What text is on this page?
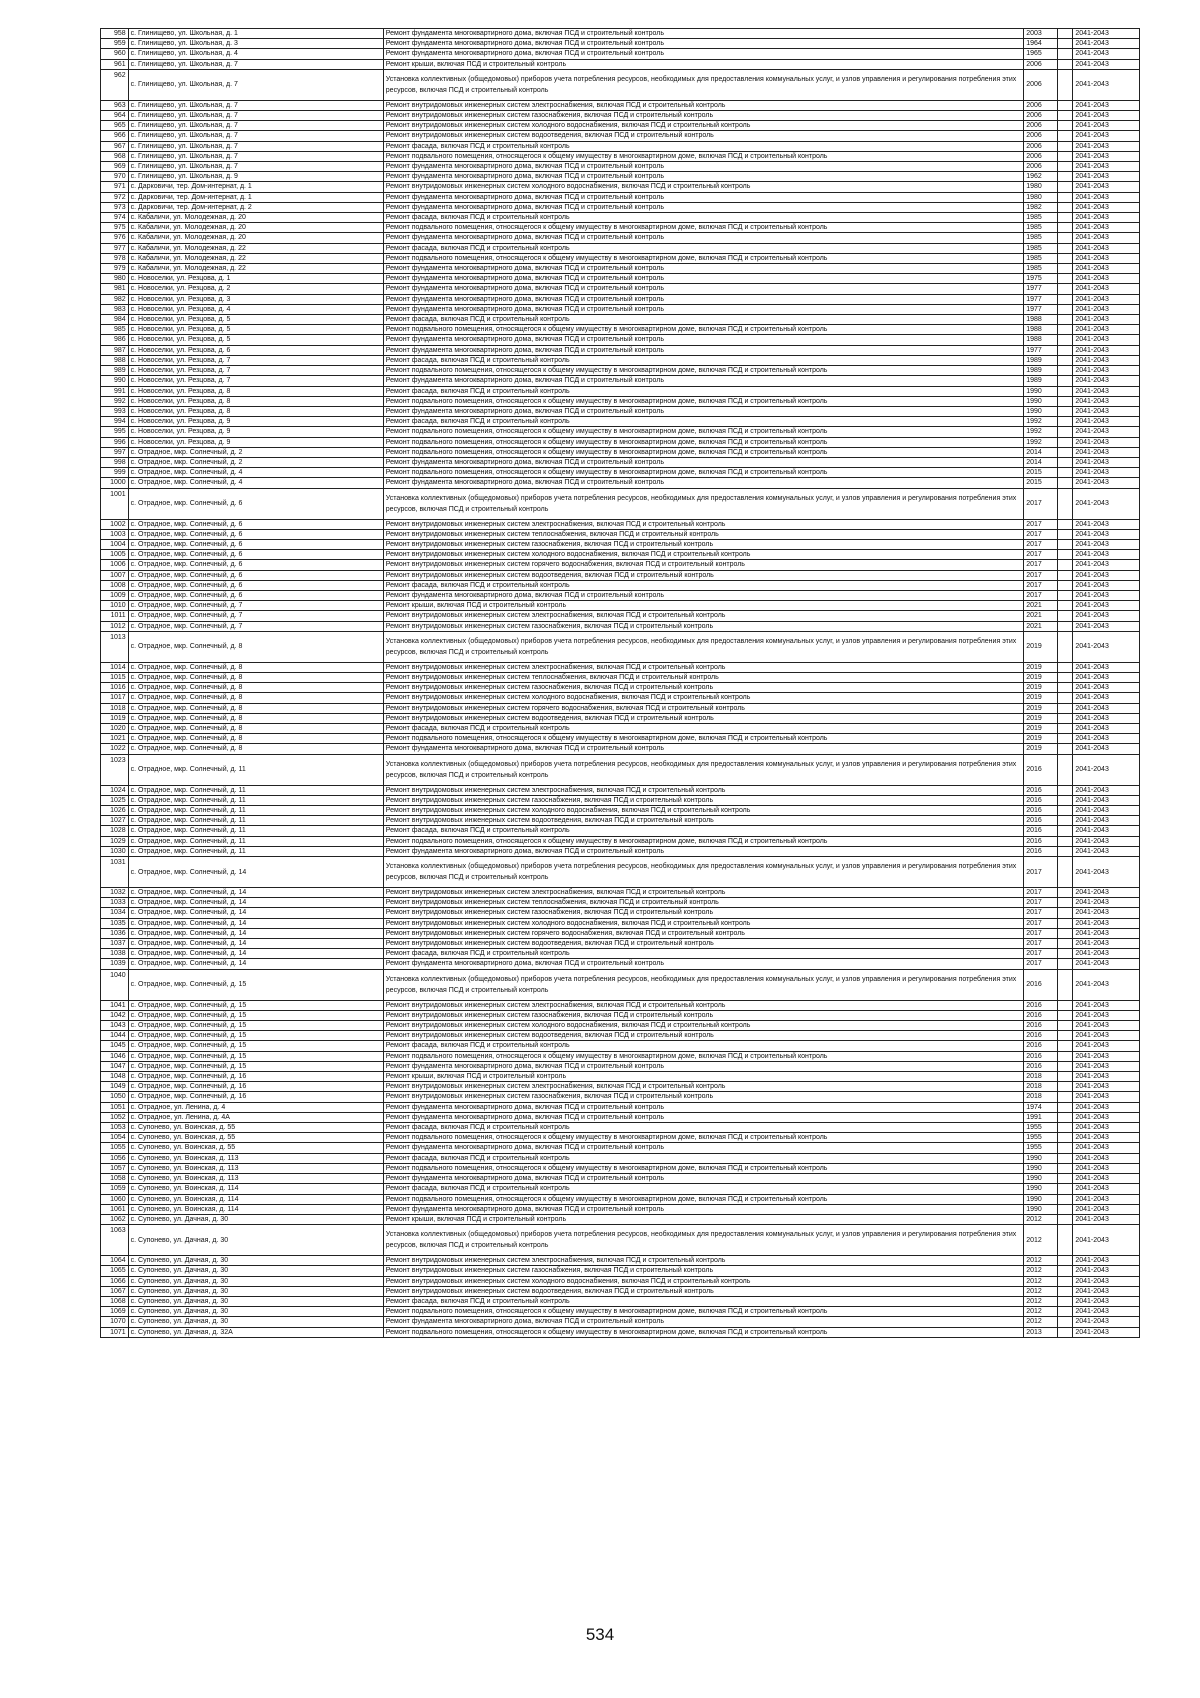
958	с. Глинищево, ул. Школьная, д. 1	Ремонт фундамента многоквартирного дома, включая ПСД и строительный контроль	2003		2041-2043
959	с. Глинищево, ул. Школьная, д. 3	Ремонт фундамента многоквартирного дома, включая ПСД и строительный контроль	1964		2041-2043
960	с. Глинищево, ул. Школьная, д. 4	Ремонт фундамента многоквартирного дома, включая ПСД и строительный контроль	1965		2041-2043
961	с. Глинищево, ул. Школьная, д. 7	Ремонт крыши, включая ПСД и строительный контроль	2006		2041-2043
962	с. Глинищево, ул. Школьная, д. 7	Установка коллективных (общедомовых) приборов учета потребления ресурсов, необходимых для предоставления коммунальных услуг, и узлов управления и регулирования потребления этих ресурсов, включая ПСД и строительный контроль	2006		2041-2043
963	с. Глинищево, ул. Школьная, д. 7	Ремонт внутридомовых инженерных систем электроснабжения, включая ПСД и строительный контроль	2006		2041-2043
964	с. Глинищево, ул. Школьная, д. 7	Ремонт внутридомовых инженерных систем газоснабжения, включая ПСД и строительный контроль	2006		2041-2043
965	с. Глинищево, ул. Школьная, д. 7	Ремонт внутридомовых инженерных систем холодного водоснабжения, включая ПСД и строительный контроль	2006		2041-2043
966	с. Глинищево, ул. Школьная, д. 7	Ремонт внутридомовых инженерных систем водоотведения, включая ПСД и строительный контроль	2006		2041-2043
967	с. Глинищево, ул. Школьная, д. 7	Ремонт фасада, включая ПСД и строительный контроль	2006		2041-2043
968	с. Глинищево, ул. Школьная, д. 7	Ремонт подвального помещения, относящегося к общему имуществу в многоквартирном доме, включая ПСД и строительный контроль	2006		2041-2043
969	с. Глинищево, ул. Школьная, д. 7	Ремонт фундамента многоквартирного дома, включая ПСД и строительный контроль	2006		2041-2043
970	с. Глинищево, ул. Школьная, д. 9	Ремонт фундамента многоквартирного дома, включая ПСД и строительный контроль	1962		2041-2043
971	с. Дарковичи, тер. Дом-интернат, д. 1	Ремонт внутридомовых инженерных систем холодного водоснабжения, включая ПСД и строительный контроль	1980		2041-2043
972	с. Дарковичи, тер. Дом-интернат, д. 1	Ремонт фундамента многоквартирного дома, включая ПСД и строительный контроль	1980		2041-2043
973	с. Дарковичи, тер. Дом-интернат, д. 2	Ремонт фундамента многоквартирного дома, включая ПСД и строительный контроль	1982		2041-2043
974	с. Кабаличи, ул. Молодежная, д. 20	Ремонт фасада, включая ПСД и строительный контроль	1985		2041-2043
975	с. Кабаличи, ул. Молодежная, д. 20	Ремонт подвального помещения, относящегося к общему имуществу в многоквартирном доме, включая ПСД и строительный контроль	1985		2041-2043
976	с. Кабаличи, ул. Молодежная, д. 20	Ремонт фундамента многоквартирного дома, включая ПСД и строительный контроль	1985		2041-2043
977	с. Кабаличи, ул. Молодежная, д. 22	Ремонт фасада, включая ПСД и строительный контроль	1985		2041-2043
978	с. Кабаличи, ул. Молодежная, д. 22	Ремонт подвального помещения, относящегося к общему имуществу в многоквартирном доме, включая ПСД и строительный контроль	1985		2041-2043
979	с. Кабаличи, ул. Молодежная, д. 22	Ремонт фундамента многоквартирного дома, включая ПСД и строительный контроль	1985		2041-2043
980	с. Новоселки, ул. Резцова, д. 1	Ремонт фундамента многоквартирного дома, включая ПСД и строительный контроль	1975		2041-2043
981	с. Новоселки, ул. Резцова, д. 2	Ремонт фундамента многоквартирного дома, включая ПСД и строительный контроль	1977		2041-2043
982	с. Новоселки, ул. Резцова, д. 3	Ремонт фундамента многоквартирного дома, включая ПСД и строительный контроль	1977		2041-2043
983	с. Новоселки, ул. Резцова, д. 4	Ремонт фундамента многоквартирного дома, включая ПСД и строительный контроль	1977		2041-2043
984	с. Новоселки, ул. Резцова, д. 5	Ремонт фасада, включая ПСД и строительный контроль	1988		2041-2043
985	с. Новоселки, ул. Резцова, д. 5	Ремонт подвального помещения, относящегося к общему имуществу в многоквартирном доме, включая ПСД и строительный контроль	1988		2041-2043
986	с. Новоселки, ул. Резцова, д. 5	Ремонт фундамента многоквартирного дома, включая ПСД и строительный контроль	1988		2041-2043
987	с. Новоселки, ул. Резцова, д. 6	Ремонт фундамента многоквартирного дома, включая ПСД и строительный контроль	1977		2041-2043
988	с. Новоселки, ул. Резцова, д. 7	Ремонт фасада, включая ПСД и строительный контроль	1989		2041-2043
989	с. Новоселки, ул. Резцова, д. 7	Ремонт подвального помещения, относящегося к общему имуществу в многоквартирном доме, включая ПСД и строительный контроль	1989		2041-2043
990	с. Новоселки, ул. Резцова, д. 7	Ремонт фундамента многоквартирного дома, включая ПСД и строительный контроль	1989		2041-2043
991	с. Новоселки, ул. Резцова, д. 8	Ремонт фасада, включая ПСД и строительный контроль	1990		2041-2043
992	с. Новоселки, ул. Резцова, д. 8	Ремонт подвального помещения, относящегося к общему имуществу в многоквартирном доме, включая ПСД и строительный контроль	1990		2041-2043
993	с. Новоселки, ул. Резцова, д. 8	Ремонт фундамента многоквартирного дома, включая ПСД и строительный контроль	1990		2041-2043
994	с. Новоселки, ул. Резцова, д. 9	Ремонт фасада, включая ПСД и строительный контроль	1992		2041-2043
995	с. Новоселки, ул. Резцова, д. 9	Ремонт подвального помещения, относящегося к общему имуществу в многоквартирном доме, включая ПСД и строительный контроль	1992		2041-2043
996	с. Новоселки, ул. Резцова, д. 9	Ремонт подвального помещения, относящегося к общему имуществу в многоквартирном доме, включая ПСД и строительный контроль	1992		2041-2043
997	с. Отрадное, мкр. Солнечный, д. 2	Ремонт подвального помещения, относящегося к общему имуществу в многоквартирном доме, включая ПСД и строительный контроль	2014		2041-2043
998	с. Отрадное, мкр. Солнечный, д. 2	Ремонт фундамента многоквартирного дома, включая ПСД и строительный контроль	2014		2041-2043
999	с. Отрадное, мкр. Солнечный, д. 4	Ремонт подвального помещения, относящегося к общему имуществу в многоквартирном доме, включая ПСД и строительный контроль	2015		2041-2043
1000	с. Отрадное, мкр. Солнечный, д. 4	Ремонт фундамента многоквартирного дома, включая ПСД и строительный контроль	2015		2041-2043
1001	с. Отрадное, мкр. Солнечный, д. 6	Установка коллективных (общедомовых) приборов учета потребления ресурсов, необходимых для предоставления коммунальных услуг, и узлов управления и регулирования потребления этих ресурсов, включая ПСД и строительный контроль	2017		2041-2043
1002	с. Отрадное, мкр. Солнечный, д. 6	Ремонт внутридомовых инженерных систем электроснабжения, включая ПСД и строительный контроль	2017		2041-2043
1003	с. Отрадное, мкр. Солнечный, д. 6	Ремонт внутридомовых инженерных систем теплоснабжения, включая ПСД и строительный контроль	2017		2041-2043
1004	с. Отрадное, мкр. Солнечный, д. 6	Ремонт внутридомовых инженерных систем газоснабжения, включая ПСД и строительный контроль	2017		2041-2043
1005	с. Отрадное, мкр. Солнечный, д. 6	Ремонт внутридомовых инженерных систем холодного водоснабжения, включая ПСД и строительный контроль	2017		2041-2043
1006	с. Отрадное, мкр. Солнечный, д. 6	Ремонт внутридомовых инженерных систем горячего водоснабжения, включая ПСД и строительный контроль	2017		2041-2043
1007	с. Отрадное, мкр. Солнечный, д. 6	Ремонт внутридомовых инженерных систем водоотведения, включая ПСД и строительный контроль	2017		2041-2043
1008	с. Отрадное, мкр. Солнечный, д. 6	Ремонт фасада, включая ПСД и строительный контроль	2017		2041-2043
1009	с. Отрадное, мкр. Солнечный, д. 6	Ремонт фундамента многоквартирного дома, включая ПСД и строительный контроль	2017		2041-2043
1010	с. Отрадное, мкр. Солнечный, д. 7	Ремонт крыши, включая ПСД и строительный контроль	2021		2041-2043
1011	с. Отрадное, мкр. Солнечный, д. 7	Ремонт внутридомовых инженерных систем электроснабжения, включая ПСД и строительный контроль	2021		2041-2043
1012	с. Отрадное, мкр. Солнечный, д. 7	Ремонт внутридомовых инженерных систем газоснабжения, включая ПСД и строительный контроль	2021		2041-2043
1013	с. Отрадное, мкр. Солнечный, д. 8	Установка коллективных (общедомовых) приборов учета потребления ресурсов, необходимых для предоставления коммунальных услуг, и узлов управления и регулирования потребления этих ресурсов, включая ПСД и строительный контроль	2019		2041-2043
1014	с. Отрадное, мкр. Солнечный, д. 8	Ремонт внутридомовых инженерных систем электроснабжения, включая ПСД и строительный контроль	2019		2041-2043
1015	с. Отрадное, мкр. Солнечный, д. 8	Ремонт внутридомовых инженерных систем теплоснабжения, включая ПСД и строительный контроль	2019		2041-2043
1016	с. Отрадное, мкр. Солнечный, д. 8	Ремонт внутридомовых инженерных систем газоснабжения, включая ПСД и строительный контроль	2019		2041-2043
1017	с. Отрадное, мкр. Солнечный, д. 8	Ремонт внутридомовых инженерных систем холодного водоснабжения, включая ПСД и строительный контроль	2019		2041-2043
1018	с. Отрадное, мкр. Солнечный, д. 8	Ремонт внутридомовых инженерных систем горячего водоснабжения, включая ПСД и строительный контроль	2019		2041-2043
1019	с. Отрадное, мкр. Солнечный, д. 8	Ремонт внутридомовых инженерных систем водоотведения, включая ПСД и строительный контроль	2019		2041-2043
1020	с. Отрадное, мкр. Солнечный, д. 8	Ремонт фасада, включая ПСД и строительный контроль	2019		2041-2043
1021	с. Отрадное, мкр. Солнечный, д. 8	Ремонт подвального помещения, относящегося к общему имуществу в многоквартирном доме, включая ПСД и строительный контроль	2019		2041-2043
1022	с. Отрадное, мкр. Солнечный, д. 8	Ремонт фундамента многоквартирного дома, включая ПСД и строительный контроль	2019		2041-2043
1023	с. Отрадное, мкр. Солнечный, д. 11	Установка коллективных (общедомовых) приборов учета потребления ресурсов, необходимых для предоставления коммунальных услуг, и узлов управления и регулирования потребления этих ресурсов, включая ПСД и строительный контроль	2016		2041-2043
1024	с. Отрадное, мкр. Солнечный, д. 11	Ремонт внутридомовых инженерных систем электроснабжения, включая ПСД и строительный контроль	2016		2041-2043
1025	с. Отрадное, мкр. Солнечный, д. 11	Ремонт внутридомовых инженерных систем газоснабжения, включая ПСД и строительный контроль	2016		2041-2043
1026	с. Отрадное, мкр. Солнечный, д. 11	Ремонт внутридомовых инженерных систем холодного водоснабжения, включая ПСД и строительный контроль	2016		2041-2043
1027	с. Отрадное, мкр. Солнечный, д. 11	Ремонт внутридомовых инженерных систем водоотведения, включая ПСД и строительный контроль	2016		2041-2043
1028	с. Отрадное, мкр. Солнечный, д. 11	Ремонт фасада, включая ПСД и строительный контроль	2016		2041-2043
1029	с. Отрадное, мкр. Солнечный, д. 11	Ремонт подвального помещения, относящегося к общему имуществу в многоквартирном доме, включая ПСД и строительный контроль	2016		2041-2043
1030	с. Отрадное, мкр. Солнечный, д. 11	Ремонт фундамента многоквартирного дома, включая ПСД и строительный контроль	2016		2041-2043
1031	с. Отрадное, мкр. Солнечный, д. 14	Установка коллективных (общедомовых) приборов учета потребления ресурсов, необходимых для предоставления коммунальных услуг, и узлов управления и регулирования потребления этих ресурсов, включая ПСД и строительный контроль	2017		2041-2043
1032	с. Отрадное, мкр. Солнечный, д. 14	Ремонт внутридомовых инженерных систем электроснабжения, включая ПСД и строительный контроль	2017		2041-2043
1033	с. Отрадное, мкр. Солнечный, д. 14	Ремонт внутридомовых инженерных систем теплоснабжения, включая ПСД и строительный контроль	2017		2041-2043
1034	с. Отрадное, мкр. Солнечный, д. 14	Ремонт внутридомовых инженерных систем газоснабжения, включая ПСД и строительный контроль	2017		2041-2043
1035	с. Отрадное, мкр. Солнечный, д. 14	Ремонт внутридомовых инженерных систем холодного водоснабжения, включая ПСД и строительный контроль	2017		2041-2043
1036	с. Отрадное, мкр. Солнечный, д. 14	Ремонт внутридомовых инженерных систем горячего водоснабжения, включая ПСД и строительный контроль	2017		2041-2043
1037	с. Отрадное, мкр. Солнечный, д. 14	Ремонт внутридомовых инженерных систем водоотведения, включая ПСД и строительный контроль	2017		2041-2043
1038	с. Отрадное, мкр. Солнечный, д. 14	Ремонт фасада, включая ПСД и строительный контроль	2017		2041-2043
1039	с. Отрадное, мкр. Солнечный, д. 14	Ремонт фундамента многоквартирного дома, включая ПСД и строительный контроль	2017		2041-2043
1040	с. Отрадное, мкр. Солнечный, д. 15	Установка коллективных (общедомовых) приборов учета потребления ресурсов, необходимых для предоставления коммунальных услуг, и узлов управления и регулирования потребления этих ресурсов, включая ПСД и строительный контроль	2016		2041-2043
1041	с. Отрадное, мкр. Солнечный, д. 15	Ремонт внутридомовых инженерных систем электроснабжения, включая ПСД и строительный контроль	2016		2041-2043
1042	с. Отрадное, мкр. Солнечный, д. 15	Ремонт внутридомовых инженерных систем газоснабжения, включая ПСД и строительный контроль	2016		2041-2043
1043	с. Отрадное, мкр. Солнечный, д. 15	Ремонт внутридомовых инженерных систем холодного водоснабжения, включая ПСД и строительный контроль	2016		2041-2043
1044	с. Отрадное, мкр. Солнечный, д. 15	Ремонт внутридомовых инженерных систем водоотведения, включая ПСД и строительный контроль	2016		2041-2043
1045	с. Отрадное, мкр. Солнечный, д. 15	Ремонт фасада, включая ПСД и строительный контроль	2016		2041-2043
1046	с. Отрадное, мкр. Солнечный, д. 15	Ремонт подвального помещения, относящегося к общему имуществу в многоквартирном доме, включая ПСД и строительный контроль	2016		2041-2043
1047	с. Отрадное, мкр. Солнечный, д. 15	Ремонт фундамента многоквартирного дома, включая ПСД и строительный контроль	2016		2041-2043
1048	с. Отрадное, мкр. Солнечный, д. 16	Ремонт крыши, включая ПСД и строительный контроль	2018		2041-2043
1049	с. Отрадное, мкр. Солнечный, д. 16	Ремонт внутридомовых инженерных систем электроснабжения, включая ПСД и строительный контроль	2018		2041-2043
1050	с. Отрадное, мкр. Солнечный, д. 16	Ремонт внутридомовых инженерных систем газоснабжения, включая ПСД и строительный контроль	2018		2041-2043
1051	с. Отрадное, ул. Ленина, д. 4	Ремонт фундамента многоквартирного дома, включая ПСД и строительный контроль	1974		2041-2043
1052	с. Отрадное, ул. Ленина, д. 4А	Ремонт фундамента многоквартирного дома, включая ПСД и строительный контроль	1991		2041-2043
1053	с. Супонево, ул. Воинская, д. 55	Ремонт фасада, включая ПСД и строительный контроль	1955		2041-2043
1054	с. Супонево, ул. Воинская, д. 55	Ремонт подвального помещения, относящегося к общему имуществу в многоквартирном доме, включая ПСД и строительный контроль	1955		2041-2043
1055	с. Супонево, ул. Воинская, д. 55	Ремонт фундамента многоквартирного дома, включая ПСД и строительный контроль	1955		2041-2043
1056	с. Супонево, ул. Воинская, д. 113	Ремонт фасада, включая ПСД и строительный контроль	1990		2041-2043
1057	с. Супонево, ул. Воинская, д. 113	Ремонт подвального помещения, относящегося к общему имуществу в многоквартирном доме, включая ПСД и строительный контроль	1990		2041-2043
1058	с. Супонево, ул. Воинская, д. 113	Ремонт фундамента многоквартирного дома, включая ПСД и строительный контроль	1990		2041-2043
1059	с. Супонево, ул. Воинская, д. 114	Ремонт фасада, включая ПСД и строительный контроль	1990		2041-2043
1060	с. Супонево, ул. Воинская, д. 114	Ремонт подвального помещения, относящегося к общему имуществу в многоквартирном доме, включая ПСД и строительный контроль	1990		2041-2043
1061	с. Супонево, ул. Воинская, д. 114	Ремонт фундамента многоквартирного дома, включая ПСД и строительный контроль	1990		2041-2043
1062	с. Супонево, ул. Дачная, д. 30	Ремонт крыши, включая ПСД и строительный контроль	2012		2041-2043
1063	с. Супонево, ул. Дачная, д. 30	Установка коллективных (общедомовых) приборов учета потребления ресурсов, необходимых для предоставления коммунальных услуг, и узлов управления и регулирования потребления этих ресурсов, включая ПСД и строительный контроль	2012		2041-2043
1064	с. Супонево, ул. Дачная, д. 30	Ремонт внутридомовых инженерных систем электроснабжения, включая ПСД и строительный контроль	2012		2041-2043
1065	с. Супонево, ул. Дачная, д. 30	Ремонт внутридомовых инженерных систем газоснабжения, включая ПСД и строительный контроль	2012		2041-2043
1066	с. Супонево, ул. Дачная, д. 30	Ремонт внутридомовых инженерных систем холодного водоснабжения, включая ПСД и строительный контроль	2012		2041-2043
1067	с. Супонево, ул. Дачная, д. 30	Ремонт внутридомовых инженерных систем водоотведения, включая ПСД и строительный контроль	2012		2041-2043
1068	с. Супонево, ул. Дачная, д. 30	Ремонт фасада, включая ПСД и строительный контроль	2012		2041-2043
1069	с. Супонево, ул. Дачная, д. 30	Ремонт подвального помещения, относящегося к общему имуществу в многоквартирном доме, включая ПСД и строительный контроль	2012		2041-2043
1070	с. Супонево, ул. Дачная, д. 30	Ремонт фундамента многоквартирного дома, включая ПСД и строительный контроль	2012		2041-2043
1071	с. Супонево, ул. Дачная, д. 32А	Ремонт подвального помещения, относящегося к общему имуществу в многоквартирном доме, включая ПСД и строительный контроль	2013		2041-2043
534
